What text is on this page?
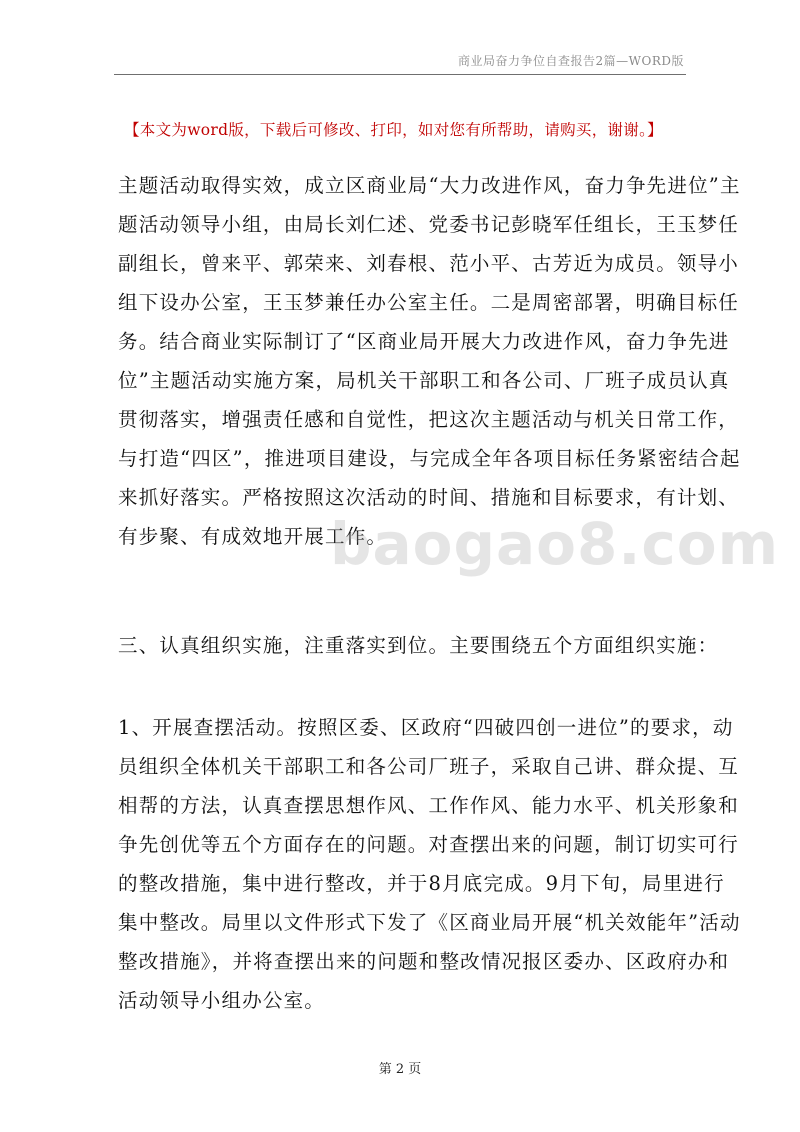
商业局奋力争位自查报告2篇—WORD版
【本文为word版，下载后可修改、打印，如对您有所帮助，请购买，谢谢。】
主题活动取得实效，成立区商业局“大力改进作风，奋力争先进位”主
题活动领导小组，由局长刘仁述、党委书记彭晓军任组长，王玉梦任
副组长，曾来平、郭荣来、刘春根、范小平、古芳近为成员。领导小
组下设办公室，王玉梦兼任办公室主任。二是周密部署，明确目标任
务。结合商业实际制订了“区商业局开展大力改进作风，奋力争先进
位”主题活动实施方案，局机关干部职工和各公司、厂班子成员认真
贯彻落实，增强责任感和自觉性，把这次主题活动与机关日常工作，
与打造“四区”，推进项目建设，与完成全年各项目标任务紧密结合起
来抓好落实。严格按照这次活动的时间、措施和目标要求，有计划、
有步聚、有成效地开展工作。
baogao8.com
三、认真组织实施，注重落实到位。主要围绕五个方面组织实施：
1、开展查摆活动。按照区委、区政府“四破四创一进位”的要求，动
员组织全体机关干部职工和各公司厂班子，采取自己讲、群众提、互
相帮的方法，认真查摆思想作风、工作作风、能力水平、机关形象和
争先创优等五个方面存在的问题。对查摆出来的问题，制订切实可行
的整改措施，集中进行整改，并于8月底完成。9月下旬，局里进行
集中整改。局里以文件形式下发了《区商业局开展“机关效能年”活动
整改措施》，并将查摆出来的问题和整改情况报区委办、区政府办和
活动领导小组办公室。
第 2 页
